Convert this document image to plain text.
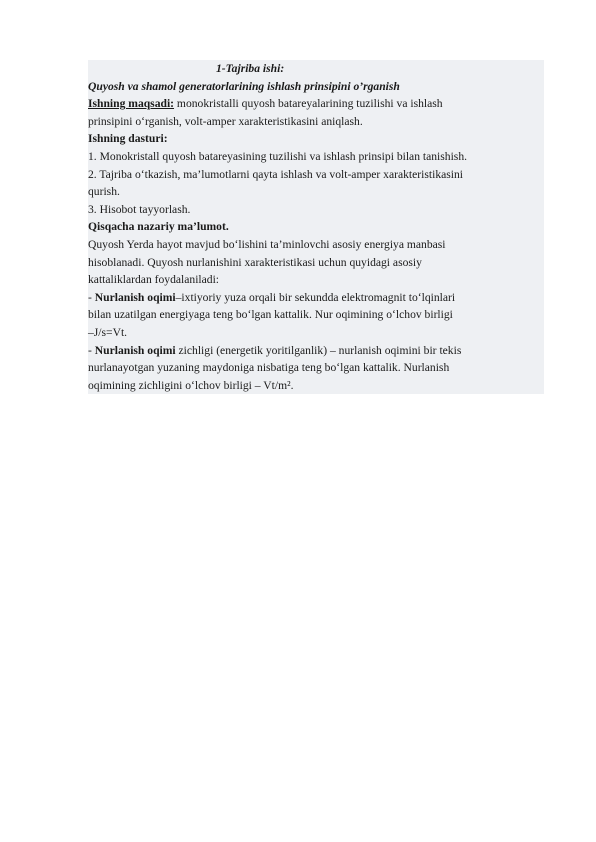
1-Tajriba ishi:
Quyosh va shamol generatorlarining ishlash prinsipini o’rganish
Ishning maqsadi: monokristalli quyosh batareyalarining tuzilishi va ishlash
prinsipini o‘rganish, volt-amper xarakteristikasini aniqlash.
Ishning dasturi:
1. Monokristall quyosh batareyasining tuzilishi va ishlash prinsipi bilan tanishish.
2. Tajriba o‘tkazish, ma’lumotlarni qayta ishlash va volt-amper xarakteristikasini
qurish.
3. Hisobot tayyorlash.
Qisqacha nazariy ma’lumot.
Quyosh Yerda hayot mavjud bo‘lishini ta’minlovchi asosiy energiya manbasi
hisoblanadi. Quyosh nurlanishini xarakteristikasi uchun quyidagi asosiy
kattaliklardan foydalaniladi:
- Nurlanish oqimi–ixtiyoriy yuza orqali bir sekundda elektromagnit to‘lqinlari
bilan uzatilgan energiyaga teng bo‘lgan kattalik. Nur oqimining o‘lchov birligi
–J/s=Vt.
- Nurlanish oqimi zichligi (energetik yoritilganlik) – nurlanish oqimini bir tekis
nurlanayotgan yuzaning maydoniga nisbatiga teng bo‘lgan kattalik. Nurlanish
oqimining zichligini o‘lchov birligi – Vt/m².
